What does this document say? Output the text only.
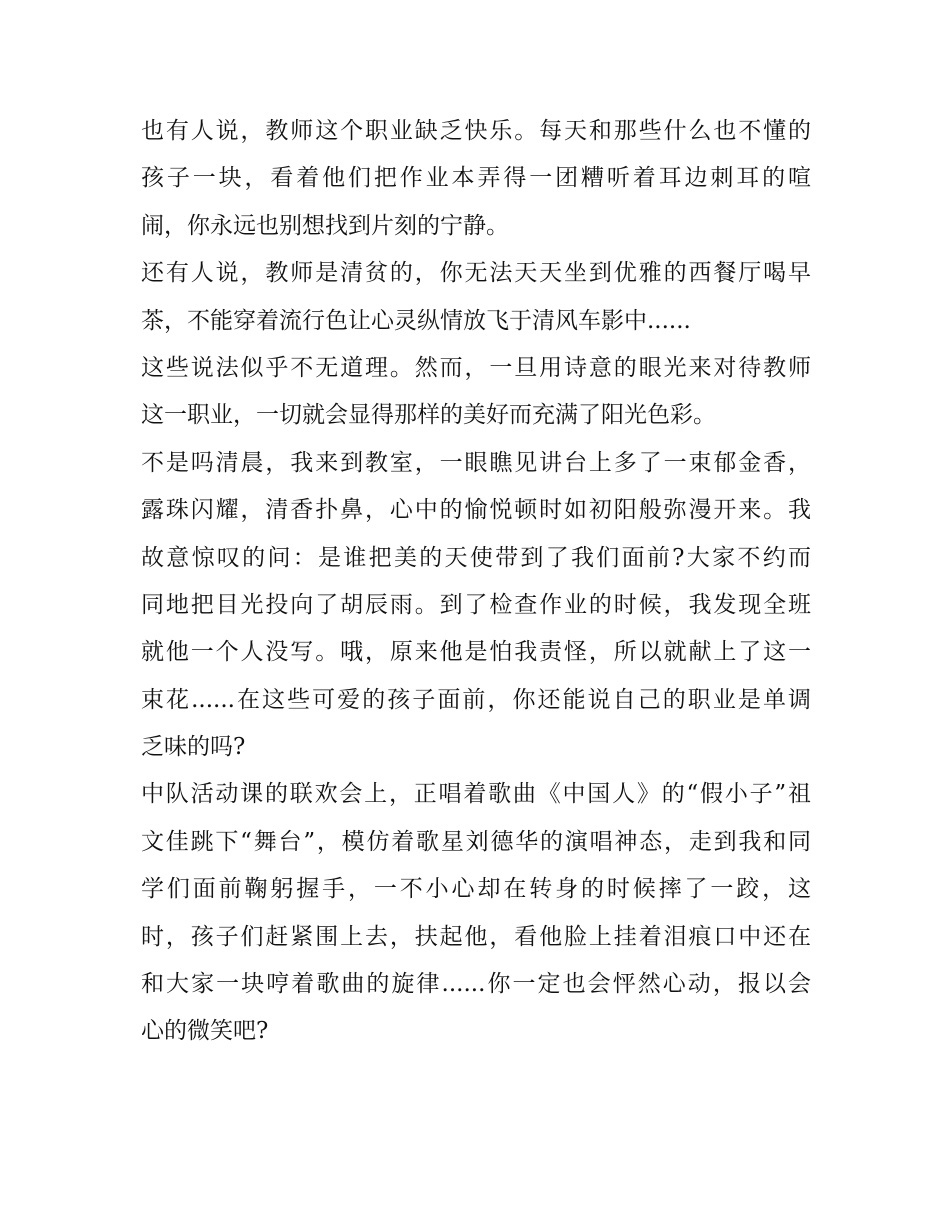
也有人说，教师这个职业缺乏快乐。每天和那些什么也不懂的
孩子一块，看着他们把作业本弄得一团糟听着耳边刺耳的喧
闹，你永远也别想找到片刻的宁静。
还有人说，教师是清贫的，你无法天天坐到优雅的西餐厅喝早
茶，不能穿着流行色让心灵纵情放飞于清风车影中......
这些说法似乎不无道理。然而，一旦用诗意的眼光来对待教师
这一职业，一切就会显得那样的美好而充满了阳光色彩。
不是吗清晨，我来到教室，一眼瞧见讲台上多了一束郁金香，
露珠闪耀，清香扑鼻，心中的愉悦顿时如初阳般弥漫开来。我
故意惊叹的问：是谁把美的天使带到了我们面前?大家不约而
同地把目光投向了胡辰雨。到了检查作业的时候，我发现全班
就他一个人没写。哦，原来他是怕我责怪，所以就献上了这一
束花......在这些可爱的孩子面前，你还能说自己的职业是单调
乏味的吗?
中队活动课的联欢会上，正唱着歌曲《中国人》的“假小子”祖
文佳跳下“舞台”，模仿着歌星刘德华的演唱神态，走到我和同
学们面前鞠躬握手，一不小心却在转身的时候摔了一跤，这
时，孩子们赶紧围上去，扶起他，看他脸上挂着泪痕口中还在
和大家一块哼着歌曲的旋律......你一定也会怦然心动，报以会
心的微笑吧?
